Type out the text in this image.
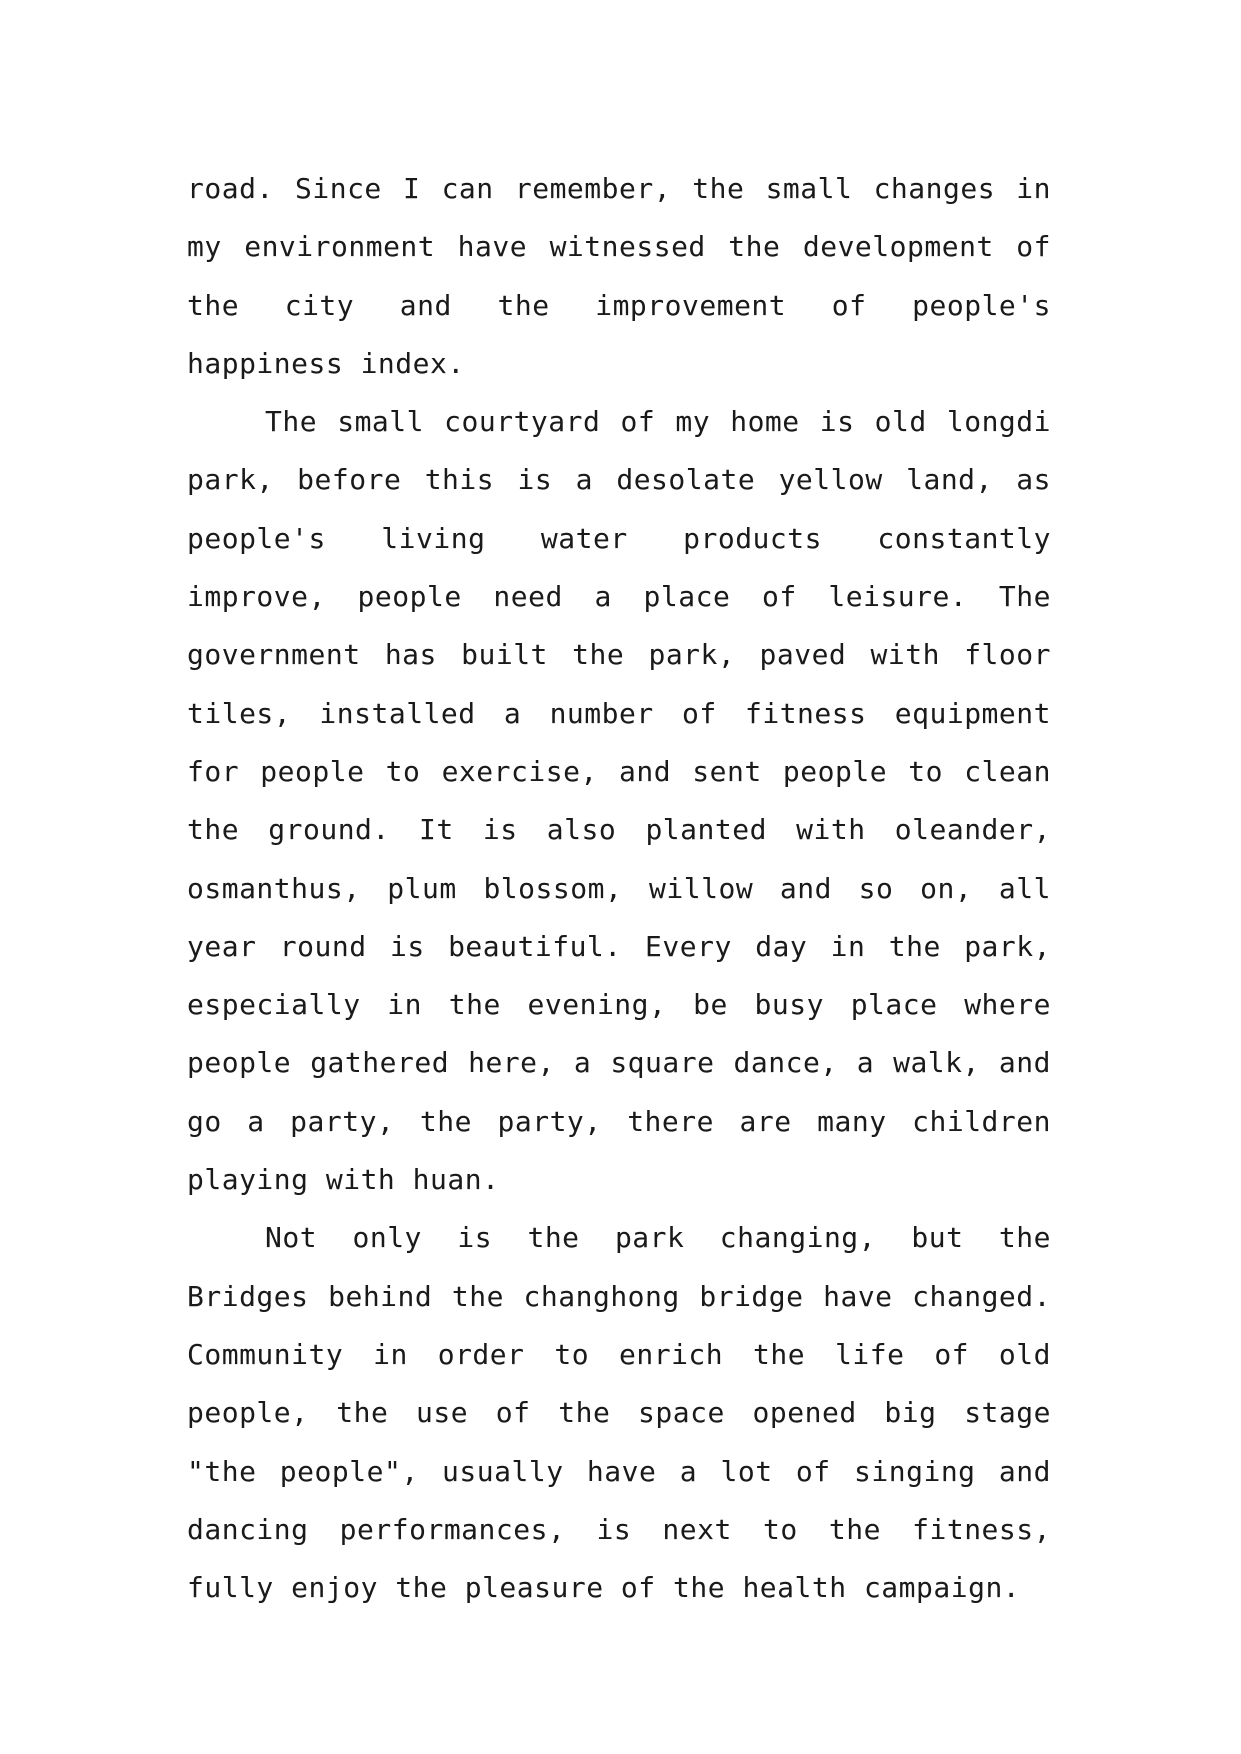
road. Since I can remember, the small changes in my environment have witnessed the development of the city and the improvement of people's happiness index.

The small courtyard of my home is old longdi park, before this is a desolate yellow land, as people's living water products constantly improve, people need a place of leisure. The government has built the park, paved with floor tiles, installed a number of fitness equipment for people to exercise, and sent people to clean the ground. It is also planted with oleander, osmanthus, plum blossom, willow and so on, all year round is beautiful. Every day in the park, especially in the evening, be busy place where people gathered here, a square dance, a walk, and go a party, the party, there are many children playing with huan.

Not only is the park changing, but the Bridges behind the changhong bridge have changed. Community in order to enrich the life of old people, the use of the space opened big stage "the people", usually have a lot of singing and dancing performances, is next to the fitness, fully enjoy the pleasure of the health campaign.
